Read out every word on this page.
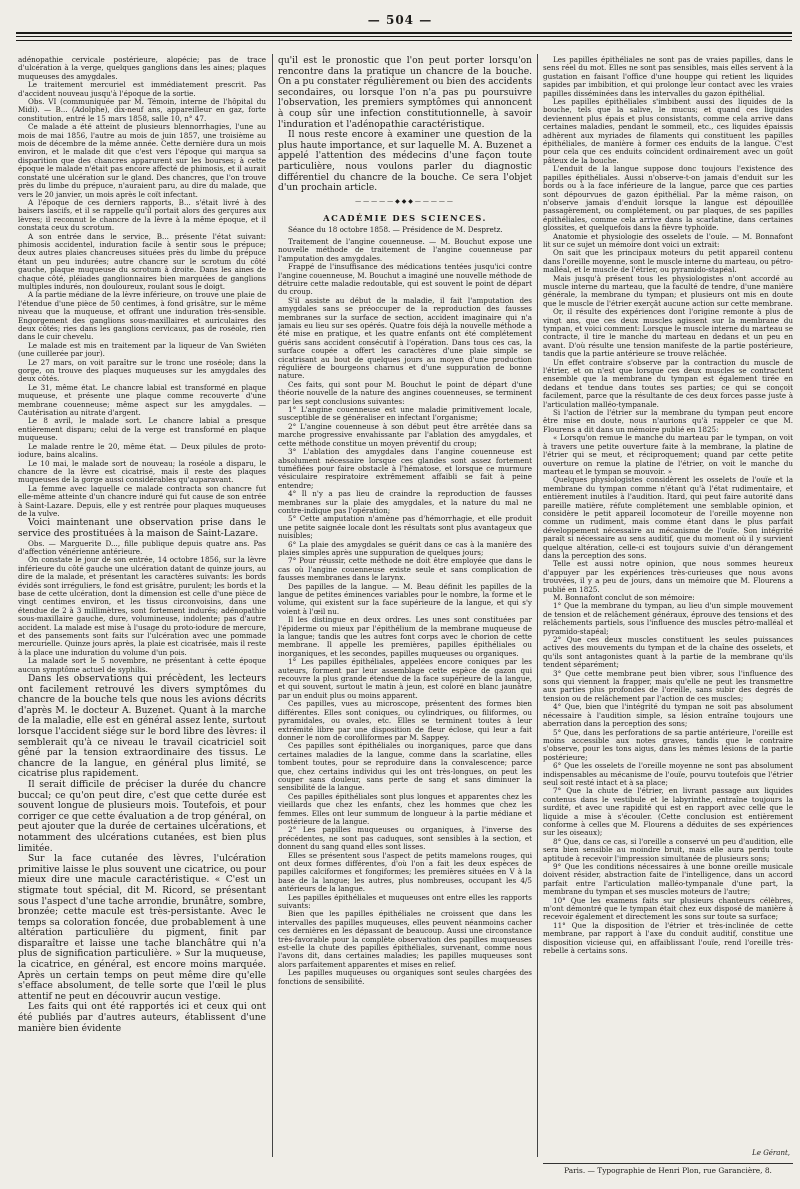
— 504 —

adénopathie cervicale postérieure, alopécie; pas de trace d'ulcération à la verge, quelques ganglions dans les aines; plaques muqueuses des amygdales.

Le traitement mercuriel est immédiatement prescrit. Pas d'accident nouveau jusqu'à l'époque de la sortie.

Obs. VI (communiquée par M. Témoin, interne de l'hôpital du Midi). — B... (Adolphe), dix-neuf ans, appareilleur en gaz, forte constitution, entré le 15 mars 1858, salle 10, n° 47.

Ce malade a été atteint de plusieurs blennorrhagies, l'une au mois de mai 1856, l'autre au mois de juin 1857, une troisième au mois de décembre de la même année. Cette dernière dura un mois environ, et le malade dit que c'est vers l'époque qui marqua sa disparition que des chancres apparurent sur les bourses; à cette époque le malade n'était pas encore affecté de phimosis, et il aurait constaté une ulcération sur le gland. Des chancres, que l'on trouve près du limbe du prépuce, n'auraient paru, au dire du malade, que vers le 20 janvier, un mois après le coït infectant.

A l'époque de ces derniers rapports, B... s'était livré à des baisers lascifs, et il se rappelle qu'il portait alors des gerçures aux lèvres; il reconnut le chancre de la lèvre à la même époque, et il constata ceux du scrotum.

A son entrée dans le service, B... présente l'état suivant: phimosis accidentel, induration facile à sentir sous le prépuce; deux autres plaies chancreuses situées près du limbe du prépuce étant un peu indurées; autre chancre sur le scrotum du côté gauche, plaque muqueuse du scrotum à droite. Dans les aines de chaque côté, pléiades ganglionnaires bien marquées de ganglions multiples indurés, non douloureux, roulant sous le doigt.

A la partie médiane de la lèvre inférieure, on trouve une plaie de l'étendue d'une pièce de 50 centimes, à fond grisâtre, sur le même niveau que la muqueuse, et offrant une induration très-sensible. Engorgement des ganglions sous-maxillaires et auriculaires des deux côtés; ries dans les ganglions cervicaux, pas de roséole, rien dans le cuir chevelu.

Le malade est mis en traitement par la liqueur de Van Swiéten (une cuillerée par jour).

Le 27 mars, on voit paraître sur le tronc une roséole; dans la gorge, on trouve des plaques muqueuses sur les amygdales des deux côtés.

Le 31, même état. Le chancre labial est transformé en plaque muqueuse, et présente une plaque comme recouverte d'une membrane couenneuse; même aspect sur les amygdales. — Cautérisation au nitrate d'argent.

Le 8 avril, le malade sort. Le chancre labial a presque entièrement disparu; celui de la verge est transformé en plaque muqueuse.

Le malade rentre le 20, même état. — Deux pilules de proto-iodure, bains alcalins.

Le 10 mai, le malade sort de nouveau; la roséole a disparu, le chancre de la lèvre est cicatrisé, mais il reste des plaques muqueuses de la gorge aussi considérables qu'auparavant.

La femme avec laquelle ce malade contracta son chancre fut elle-même atteinte d'un chancre induré qui fut cause de son entrée à Saint-Lazare. Depuis, elle y est rentrée pour plaques muqueuses de la vulve.

Voici maintenant une observation prise dans le service des prostituées à la maison de Saint-Lazare.

Obs. — Marguerite D..., fille publique depuis quatre ans. Pas d'affection vénérienne antérieure.

On constate le jour de son entrée, 14 octobre 1856, sur la lèvre inférieure du côté gauche une ulcération datant de quinze jours, au dire de la malade, et présentant les caractères suivants: les bords évidés sont irréguliers, le fond est grisâtre, purulent; les bords et la base de cette ulcération, dont la dimension est celle d'une pièce de vingt centimes environ, et les tissus circonvoisins, dans une étendue de 2 à 3 millimètres, sont fortement indurés; adénopathie sous-maxillaire gauche, dure, volumineuse, indolente; pas d'autre accident. La malade est mise à l'usage du proto-iodure de mercure, et des pansements sont faits sur l'ulcération avec une pommade mercurielle. Quinze jours après, la plaie est cicatrisée, mais il reste à la place une induration du volume d'un pois.

La malade sort le 5 novembre, ne présentant à cette époque aucun symptôme actuel de syphilis.

Dans les observations qui précèdent, les lecteurs ont facilement retrouvé les divers symptômes du chancre de la bouche tels que nous les avions décrits d'après M. le docteur A. Buzenet. Quant à la marche de la maladie, elle est en général assez lente, surtout lorsque l'accident siége sur le bord libre des lèvres: il semblerait qu'à ce niveau le travail cicatriciel soit gêné par la tension extraordinaire des tissus. Le chancre de la langue, en général plus limité, se cicatrise plus rapidement.

Il serait difficile de préciser la durée du chancre buccal; ce qu'on peut dire, c'est que cette durée est souvent longue de plusieurs mois. Toutefois, et pour corriger ce que cette évaluation a de trop général, on peut ajouter que la durée de certaines ulcérations, et notamment des ulcérations cutanées, est bien plus limitée.

Sur la face cutanée des lèvres, l'ulcération primitive laisse le plus souvent une cicatrice, ou pour mieux dire une macule caractéristique. « C'est un stigmate tout spécial, dit M. Ricord, se présentant sous l'aspect d'une tache arrondie, brunâtre, sombre, bronzée; cette macule est très-persistante. Avec le temps sa coloration foncée, due probablement à une altération particulière du pigment, finit par disparaître et laisse une tache blanchâtre qui n'a plus de signification particulière. » Sur la muqueuse, la cicatrice, en général, est encore moins marquée. Après un certain temps on peut même dire qu'elle s'efface absolument, de telle sorte que l'œil le plus attentif ne peut en découvrir aucun vestige.

Les faits qui ont été rapportés ici et ceux qui ont été publiés par d'autres auteurs, établissent d'une manière bien évidente

qu'il est le pronostic que l'on peut porter lorsqu'on rencontre dans la pratique un chancre de la bouche. On a pu constater régulièrement ou bien des accidents secondaires, ou lorsque l'on n'a pas pu poursuivre l'observation, les premiers symptômes qui annoncent à coup sûr une infection constitutionnelle, à savoir l'induration et l'adénopathie caractéristique.

Il nous reste encore à examiner une question de la plus haute importance, et sur laquelle M. A. Buzenet a appelé l'attention des médecins d'une façon toute particulière, nous voulons parler du diagnostic différentiel du chancre de la bouche. Ce sera l'objet d'un prochain article.

—————◆◆◆—————

ACADÉMIE DES SCIENCES.

Séance du 18 octobre 1858. — Présidence de M. Despretz.

Traitement de l'angine couenneuse. — M. Bouchut expose une nouvelle méthode de traitement de l'angine couenneuse par l'amputation des amygdales.

Frappé de l'insuffisance des médications tentées jusqu'ici contre l'angine couenneuse, M. Bouchut a imaginé une nouvelle méthode de détruire cette maladie redoutable, qui est souvent le point de départ du croup.

S'il assiste au début de la maladie, il fait l'amputation des amygdales sans se préoccuper de la reproduction des fausses membranes sur la surface de section, accident imaginaire qui n'a jamais eu lieu sur ses opérés. Quatre fois déjà la nouvelle méthode a été mise en pratique, et les quatre enfants ont été complétement guéris sans accident consécutif à l'opération. Dans tous ces cas, la surface coupée a offert les caractères d'une plaie simple se cicatrisant au bout de quelques jours au moyen d'une production régulière de bourgeons charnus et d'une suppuration de bonne nature.

Ces faits, qui sont pour M. Bouchut le point de départ d'une théorie nouvelle de la nature des angines couenneuses, se terminent par les sept conclusions suivantes:

1° L'angine couenneuse est une maladie primitivement locale, susceptible de se généraliser en infectant l'organisme;

2° L'angine couenneuse à son début peut être arrêtée dans sa marche progressive envahissante par l'ablation des amygdales, et cette méthode constitue un moyen préventif du croup;

3° L'ablation des amygdales dans l'angine couenneuse est absolument nécessaire lorsque ces glandes sont assez fortement tuméfiées pour faire obstacle à l'hématose, et lorsque ce murmure vésiculaire respiratoire extrêmement affaibli se fait à peine entendre;

4° Il n'y a pas lieu de craindre la reproduction de fausses membranes sur la plaie des amygdales, et la nature du mal ne contre-indique pas l'opération;

5° Cette amputation n'amène pas d'hémorrhagie, et elle produit une petite saignée locale dont les résultats sont plus avantageux que nuisibles;

6° La plaie des amygdales se guérit dans ce cas à la manière des plaies simples après une suppuration de quelques jours;

7° Pour réussir, cette méthode ne doit être employée que dans le cas où l'angine couenneuse existe seule et sans complication de fausses membranes dans le larynx.

Des papilles de la langue. — M. Beau définit les papilles de la langue de petites éminences variables pour le nombre, la forme et le volume, qui existent sur la face supérieure de la langue, et qui s'y voient à l'œil nu.

Il les distingue en deux ordres. Les unes sont constituées par l'épiderme ou mieux par l'épithélium de la membrane muqueuse de la langue; tandis que les autres font corps avec le chorion de cette membrane. Il appelle les premières, papilles épithéliales ou inorganiques, et les secondes, papilles muqueuses ou organiques.

1° Les papilles épithéliales, appelées encore coniques par les auteurs, forment par leur assemblage cette espèce de gazon qui recouvre la plus grande étendue de la face supérieure de la langue, et qui souvent, surtout le matin à jeun, est coloré en blanc jaunâtre par un enduit plus ou moins apparent.

Ces papilles, vues au microscope, présentent des formes bien différentes. Elles sont coniques, ou cylindriques, ou filiformes, ou pyramidales, ou ovales, etc. Elles se terminent toutes à leur extrémité libre par une disposition de fleur éclose, qui leur a fait donner le nom de corolliformes par M. Sappey.

Ces papilles sont épithéliales ou inorganiques, parce que dans certaines maladies de la langue, comme dans la scarlatine, elles tombent toutes, pour se reproduire dans la convalescence; parce que, chez certains individus qui les ont très-longues, on peut les couper sans douleur, sans perte de sang et sans diminuer la sensibilité de la langue.

Ces papilles épithéliales sont plus longues et apparentes chez les vieillards que chez les enfants, chez les hommes que chez les femmes. Elles ont leur summum de longueur à la partie médiane et postérieure de la langue.

2° Les papilles muqueuses ou organiques, à l'inverse des précédentes, ne sont pas caduques, sont sensibles à la section, et donnent du sang quand elles sont lisses.

Elles se présentent sous l'aspect de petits mamelons rouges, qui ont deux formes différentes, d'où l'on a fait les deux espèces de papilles calciformes et fongiformes; les premières situées en V à la base de la langue; les autres, plus nombreuses, occupant les 4/5 antérieurs de la langue.

Les papilles épithéliales et muqueuses ont entre elles les rapports suivants:

Bien que les papilles épithéliales ne croissent que dans les intervalles des papilles muqueuses, elles peuvent néanmoins cacher ces dernières en les dépassant de beaucoup. Aussi une circonstance très-favorable pour la complète observation des papilles muqueuses est-elle la chute des papilles épithéliales, survenant, comme nous l'avons dit, dans certaines maladies; les papilles muqueuses sont alors parfaitement apparentes et mises en relief.

Les papilles muqueuses ou organiques sont seules chargées des fonctions de sensibilité.

Les papilles épithéliales ne sont pas de vraies papilles, dans le sens réel du mot. Elles ne sont pas sensibles, mais elles servent à la gustation en faisant l'office d'une houppe qui retient les liquides sapides par imbibition, et qui prolonge leur contact avec les vraies papilles disséminées dans les intervalles du gazon épithélial.

Les papilles épithéliales s'imbibent aussi des liquides de la bouche, tels que la salive, le mucus; et quand ces liquides deviennent plus épais et plus consistants, comme cela arrive dans certaines maladies, pendant le sommeil, etc., ces liquides épaissis adhèrent aux myriades de filaments qui constituent les papilles épithéliales, de manière à former ces enduits de la langue. C'est pour cela que ces enduits coïncident ordinairement avec un goût pâteux de la bouche.

L'enduit de la langue suppose donc toujours l'existence des papilles épithéliales. Aussi n'observe-t-on jamais d'enduit sur les bords ou à la face inférieure de la langue, parce que ces parties sont dépourvues de gazon épithélial. Par la même raison, on n'observe jamais d'enduit lorsque la langue est dépouillée passagèrement, ou complétement, ou par plaques, de ses papilles épithéliales, comme cela arrive dans la scarlatine, dans certaines glossites, et quelquefois dans la fièvre typhoïde.

Anatomie et physiologie des osselets de l'ouïe. — M. Bonnafont lit sur ce sujet un mémoire dont voici un extrait:

On sait que les principaux moteurs du petit appareil contenu dans l'oreille moyenne, sont le muscle interne du marteau, ou pétro-malléal, et le muscle de l'étrier, ou pyramido-stapéal.

Mais jusqu'à présent tous les physiologistes n'ont accordé au muscle interne du marteau, que la faculté de tendre, d'une manière générale, la membrane du tympan; et plusieurs ont mis en doute que le muscle de l'étrier exerçât aucune action sur cette membrane.

Or, il résulte des expériences dont l'origine remonte à plus de vingt ans, que ces deux muscles agissent sur la membrane du tympan, et voici comment: Lorsque le muscle interne du marteau se contracte, il tire le manche du marteau en dedans et un peu en avant. D'où résulte une tension manifeste de la partie postérieure, tandis que la partie antérieure se trouve relâchée.

Un effet contraire s'observe par la contraction du muscle de l'étrier, et on n'est que lorsque ces deux muscles se contractent ensemble que la membrane du tympan est également tirée en dedans et tendue dans toutes ses parties; ce qui se conçoit facilement, parce que la résultante de ces deux forces passe juste à l'articulation malléo-tympanale.

Si l'action de l'étrier sur la membrane du tympan peut encore être mise en doute, nous n'aurions qu'à rappeler ce que M. Flourens a dit dans un mémoire publié en 1825:

« Lorsqu'on remue le manche du marteau par le tympan, on voit à travers une petite ouverture faite à la membrane, la platine de l'étrier qui se meut, et réciproquement; quand par cette petite ouverture on remue la platine de l'étrier, on voit le manche du marteau et le tympan se mouvoir. »

Quelques physiologistes considèrent les osselets de l'ouïe et la membrane du tympan comme n'étant qu'à l'état rudimentaire, et entièrement inutiles à l'audition. Itard, qui peut faire autorité dans pareille matière, réfute complétement une semblable opinion, et considère le petit appareil locomoteur de l'oreille moyenne non comme un rudiment, mais comme étant dans le plus parfait développement nécessaire au mécanisme de l'ouïe. Son intégrité paraît si nécessaire au sens auditif, que du moment où il y survient quelque altération, celle-ci est toujours suivie d'un dérangement dans la perception des sons.

Telle est aussi notre opinion, que nous sommes heureux d'appuyer par les expériences très-curieuses que nous avons trouvées, il y a peu de jours, dans un mémoire que M. Flourens a publié en 1825.

M. Bonnafont conclut de son mémoire:

1° Que la membrane du tympan, au lieu d'un simple mouvement de tension et de relâchement généraux, éprouve des tensions et des relâchements partiels, sous l'influence des muscles pétro-malléal et pyramido-stapéal;

2° Que ces deux muscles constituent les seules puissances actives des mouvements du tympan et de la chaîne des osselets, et qu'ils sont antagonistes quant à la partie de la membrane qu'ils tendent séparément;

3° Que cette membrane peut bien vibrer, sous l'influence des sons qui viennent la frapper, mais qu'elle ne peut les transmettre aux parties plus profondes de l'oreille, sans subir des degrés de tension ou de relâchement par l'action de ces muscles;

4° Que, bien que l'intégrité du tympan ne soit pas absolument nécessaire à l'audition simple, sa lésion entraîne toujours une aberration dans la perception des sons;

5° Que, dans les perforations de sa partie antérieure, l'oreille est moins accessible aux notes graves, tandis que le contraire s'observe, pour les tons aigus, dans les mêmes lésions de la partie postérieure;

6° Que les osselets de l'oreille moyenne ne sont pas absolument indispensables au mécanisme de l'ouïe, pourvu toutefois que l'étrier seul soit resté intact et à sa place;

7° Que la chute de l'étrier, en livrant passage aux liquides contenus dans le vestibule et le labyrinthe, entraîne toujours la surdité, et avec une rapidité qui est en rapport avec celle que le liquide a mise à s'écouler. (Cette conclusion est entièrement conforme à celles que M. Flourens a déduites de ses expériences sur les oiseaux);

8° Que, dans ce cas, si l'oreille a conservé un peu d'audition, elle sera bien sensible au moindre bruit, mais elle aura perdu toute aptitude à recevoir l'impression simultanée de plusieurs sons;

9° Que les conditions nécessaires à une bonne oreille musicale doivent résider, abstraction faite de l'intelligence, dans un accord parfait entre l'articulation malléo-tympanale d'une part, la membrane du tympan et ses muscles moteurs de l'autre;

10° Que les examens faits sur plusieurs chanteurs célèbres, m'ont démontré que le tympan était chez eux disposé de manière à recevoir également et directement les sons sur toute sa surface;

11° Que la disposition de l'étrier et très-inclinée de cette membrane, par rapport à l'axe du conduit auditif, constitue une disposition vicieuse qui, en affaiblissant l'ouïe, rend l'oreille très-rebelle à certains sons.

Le Gérant,
Paris. — Typographie de Henri Plon, rue Garancière, 8.
